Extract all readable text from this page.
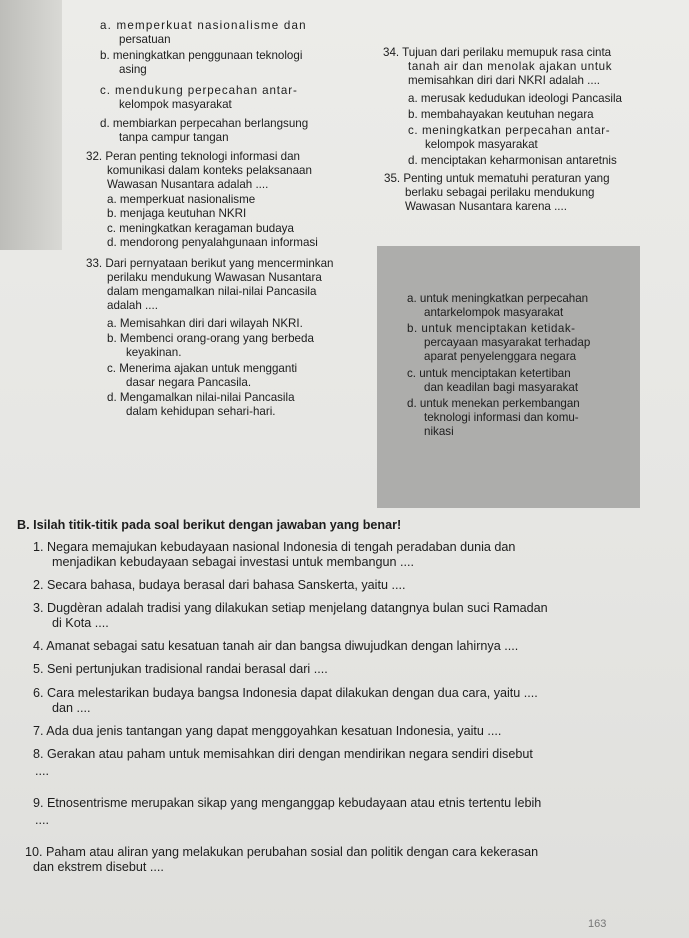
a. memperkuat nasionalisme dan
persatuan
b. meningkatkan penggunaan teknologi
asing
c. mendukung perpecahan antar-
kelompok masyarakat
d. membiarkan perpecahan berlangsung
tanpa campur tangan
32. Peran penting teknologi informasi dan
komunikasi dalam konteks pelaksanaan
Wawasan Nusantara adalah ....
a. memperkuat nasionalisme
b. menjaga keutuhan NKRI
c. meningkatkan keragaman budaya
d. mendorong penyalahgunaan informasi
33. Dari pernyataan berikut yang mencerminkan
perilaku mendukung Wawasan Nusantara
dalam mengamalkan nilai-nilai Pancasila
adalah ....
a. Memisahkan diri dari wilayah NKRI.
b. Membenci orang-orang yang berbeda
keyakinan.
c. Menerima ajakan untuk mengganti
dasar negara Pancasila.
d. Mengamalkan nilai-nilai Pancasila
dalam kehidupan sehari-hari.
34. Tujuan dari perilaku memupuk rasa cinta
tanah air dan menolak ajakan untuk
memisahkan diri dari NKRI adalah ....
a. merusak kedudukan ideologi Pancasila
b. membahayakan keutuhan negara
c. meningkatkan perpecahan antar-
kelompok masyarakat
d. menciptakan keharmonisan antaretnis
35. Penting untuk mematuhi peraturan yang
berlaku sebagai perilaku mendukung
Wawasan Nusantara karena ....
a. untuk meningkatkan perpecahan
antarkelompok masyarakat
b. untuk menciptakan ketidak-
percayaan masyarakat terhadap
aparat penyelenggara negara
c. untuk menciptakan ketertiban
dan keadilan bagi masyarakat
d. untuk menekan perkembangan
teknologi informasi dan komu-
nikasi
B. Isilah titik-titik pada soal berikut dengan jawaban yang benar!
1. Negara memajukan kebudayaan nasional Indonesia di tengah peradaban dunia dan
menjadikan kebudayaan sebagai investasi untuk membangun ....
2. Secara bahasa, budaya berasal dari bahasa Sanskerta, yaitu ....
3. Dugdèran adalah tradisi yang dilakukan setiap menjelang datangnya bulan suci Ramadan
di Kota ....
4. Amanat sebagai satu kesatuan tanah air dan bangsa diwujudkan dengan lahirnya ....
5. Seni pertunjukan tradisional randai berasal dari ....
6. Cara melestarikan budaya bangsa Indonesia dapat dilakukan dengan dua cara, yaitu ....
dan ....
7. Ada dua jenis tantangan yang dapat menggoyahkan kesatuan Indonesia, yaitu ....
8. Gerakan atau paham untuk memisahkan diri dengan mendirikan negara sendiri disebut
....
9. Etnosentrisme merupakan sikap yang menganggap kebudayaan atau etnis tertentu lebih
....
10. Paham atau aliran yang melakukan perubahan sosial dan politik dengan cara kekerasan
dan ekstrem disebut ....
163
